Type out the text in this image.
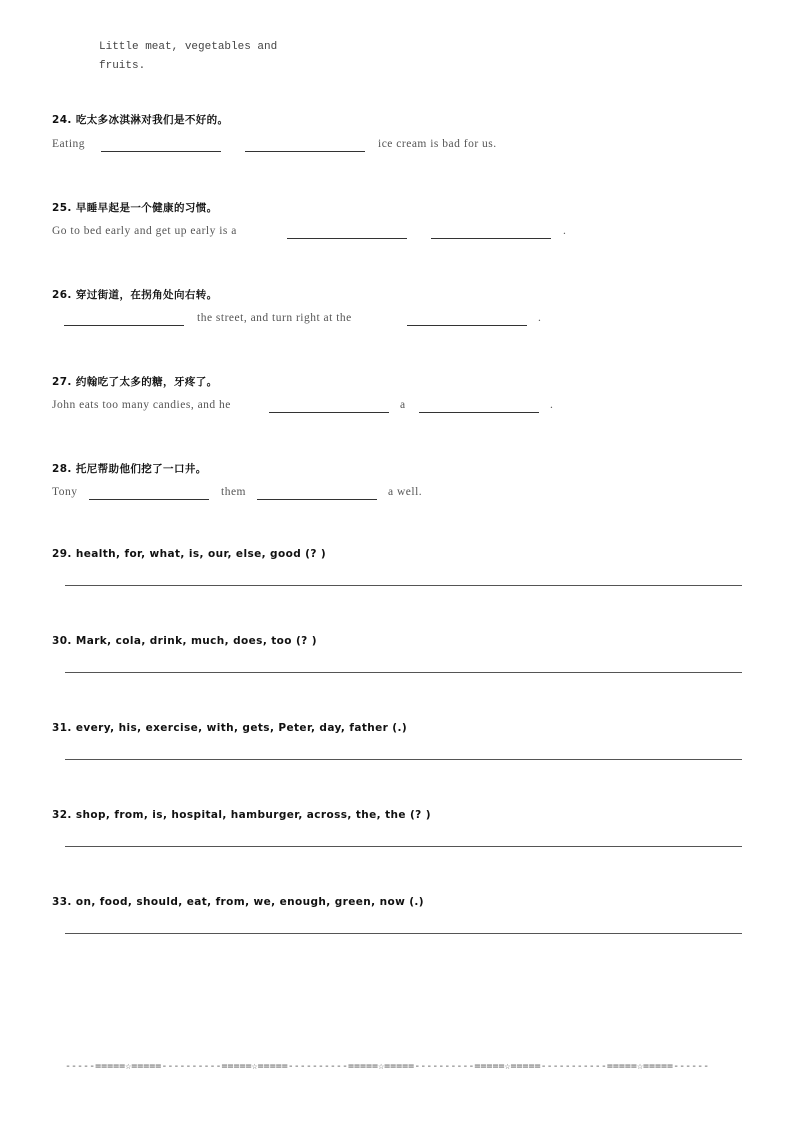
Little meat, vegetables and
fruits.
24. 吃太多冰淇淋对我们是不好的。
Eating	ice cream is bad for us.
25. 早睡早起是一个健康的习惯。
Go to bed early and get up early is a	.
26. 穿过街道，在拐角处向右转。
the street, and turn right at the	.
27. 约翰吃了太多的糖，牙疼了。
John eats too many candies, and he	a	.
28. 托尼帮助他们挖了一口井。
Tony	them	a well.
29. health, for, what, is, our, else, good (? )
30. Mark, cola, drink, much, does, too (? )
31. every, his, exercise, with, gets, Peter, day, father (.)
32. shop, from, is, hospital, hamburger, across, the, the (? )
33. on, food, should, eat, from, we, enough, green, now (.)
-----=====☆=====----------=====☆=====----------=====☆=====----------=====☆=====-----------=====☆=====------
